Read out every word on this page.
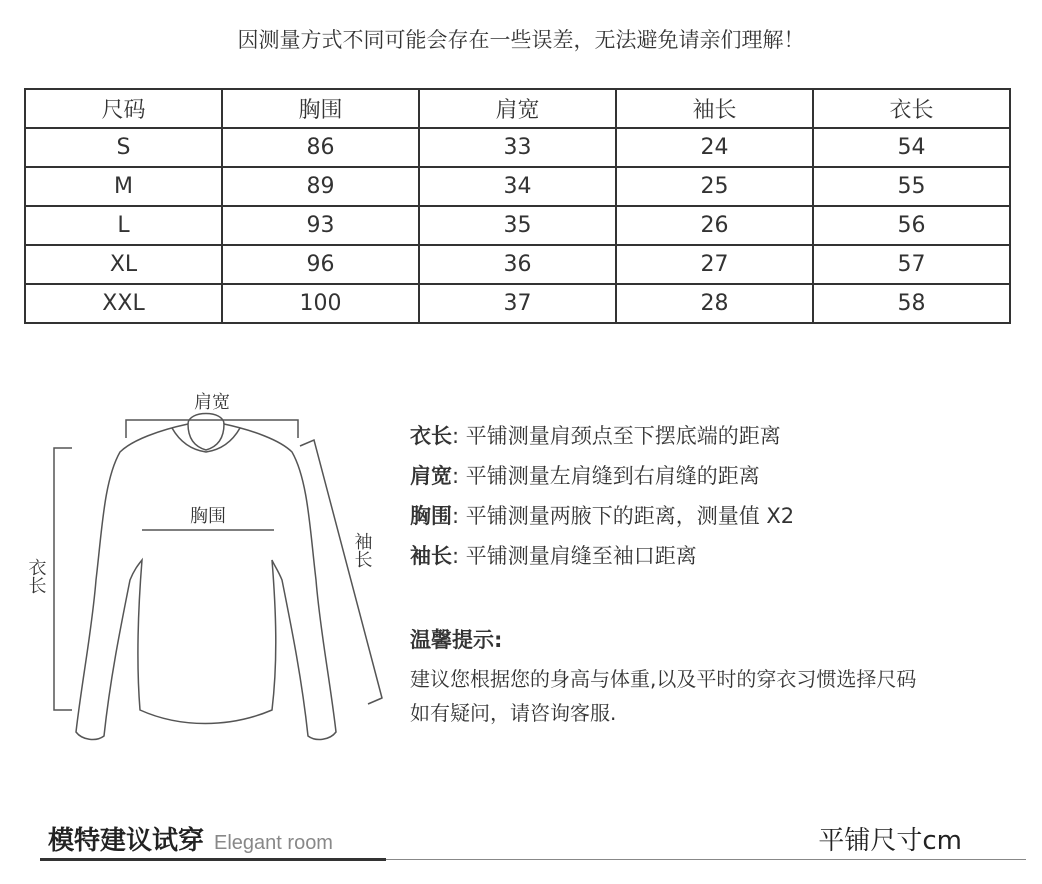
因测量方式不同可能会存在一些误差，无法避免请亲们理解！
尺码	胸围	肩宽	袖长	衣长
S	86	33	24	54
M	89	34	25	55
L	93	35	26	56
XL	96	36	27	57
XXL	100	37	28	58
肩宽
胸围
衣长
袖长
衣长: 平铺测量肩颈点至下摆底端的距离
肩宽: 平铺测量左肩缝到右肩缝的距离
胸围: 平铺测量两腋下的距离，测量值 X2
袖长: 平铺测量肩缝至袖口距离
温馨提示:
建议您根据您的身高与体重,以及平时的穿衣习惯选择尺码
如有疑问，请咨询客服.
模特建议试穿 Elegant room	平铺尺寸cm
